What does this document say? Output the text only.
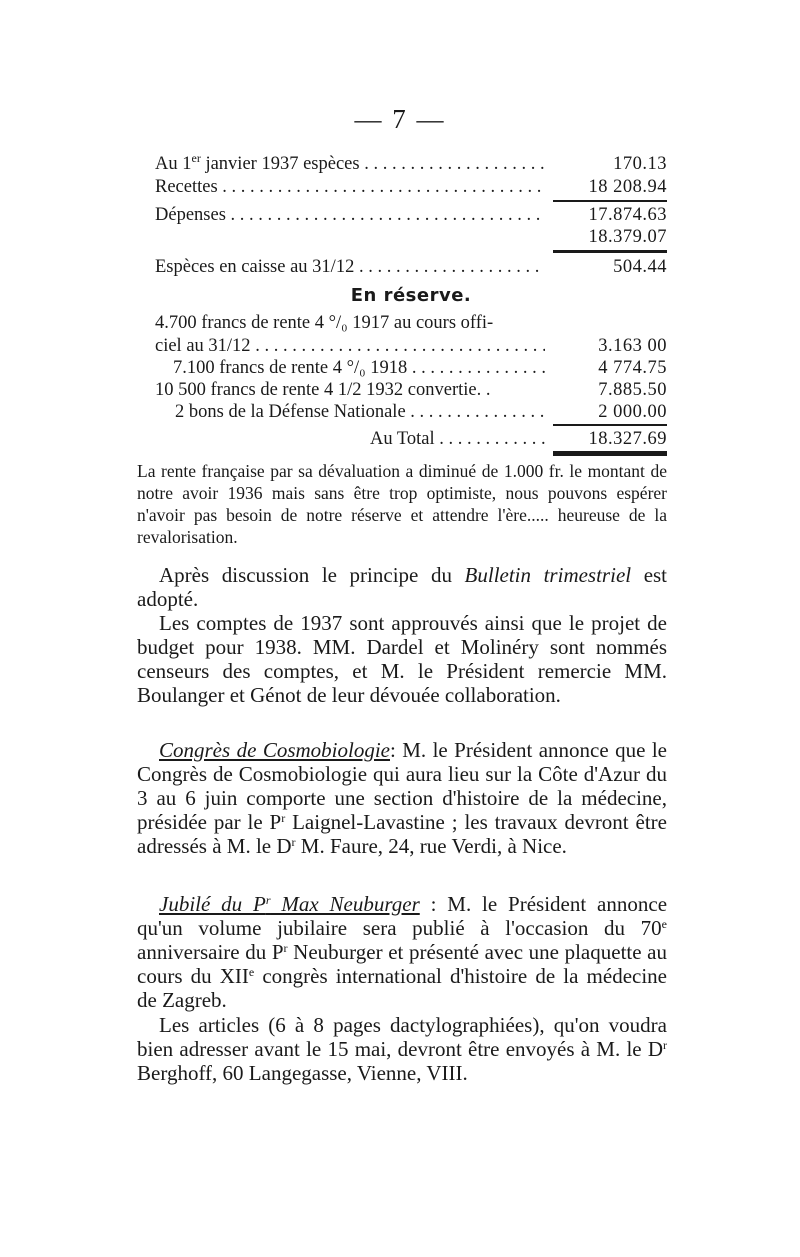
— 7 —
Au 1er janvier 1937 espèces . . .	170.13
Recettes . . .	18 208.94
Dépenses . . .	17.874.63
18.379.07
Espèces en caisse au 31/12 . . .	504.44
En réserve.
4.700 francs de rente 4 °/₀ 1917 au cours offi-
ciel au 31/12 . . .	3.163 00
7.100 francs de rente 4 °/₀ 1918 . . .	4 774.75
10 500 francs de rente 4 1/2 1932 convertie. .	7.885.50
2 bons de la Défense Nationale . . .	2 000.00
Au Total . . .	18.327.69
La rente française par sa dévaluation a diminué de 1.000 fr. le montant de notre avoir 1936 mais sans être trop optimiste, nous pouvons espérer n'avoir pas besoin de notre réserve et attendre l'ère..... heureuse de la revalorisation.
Après discussion le principe du Bulletin trimestriel est adopté.
Les comptes de 1937 sont approuvés ainsi que le projet de budget pour 1938. MM. Dardel et Molinéry sont nommés censeurs des comptes, et M. le Président remercie MM. Boulanger et Génot de leur dévouée collaboration.
Congrès de Cosmobiologie: M. le Président annonce que le Congrès de Cosmobiologie qui aura lieu sur la Côte d'Azur du 3 au 6 juin comporte une section d'histoire de la médecine, présidée par le $P^r$ Laignel-Lavastine ; les travaux devront être adressés à M. le $D^r$ M. Faure, 24, rue Verdi, à Nice.
Jubilé du $P^r$ Max Neuburger : M. le Président annonce qu'un volume jubilaire sera publié à l'occasion du 70e anniversaire du $P^r$ Neuburger et présenté avec une plaquette au cours du XIIe congrès international d'histoire de la médecine de Zagreb.
Les articles (6 à 8 pages dactylographiées), qu'on voudra bien adresser avant le 15 mai, devront être envoyés à M. le $D^r$ Berghoff, 60 Langegasse, Vienne, VIII.
